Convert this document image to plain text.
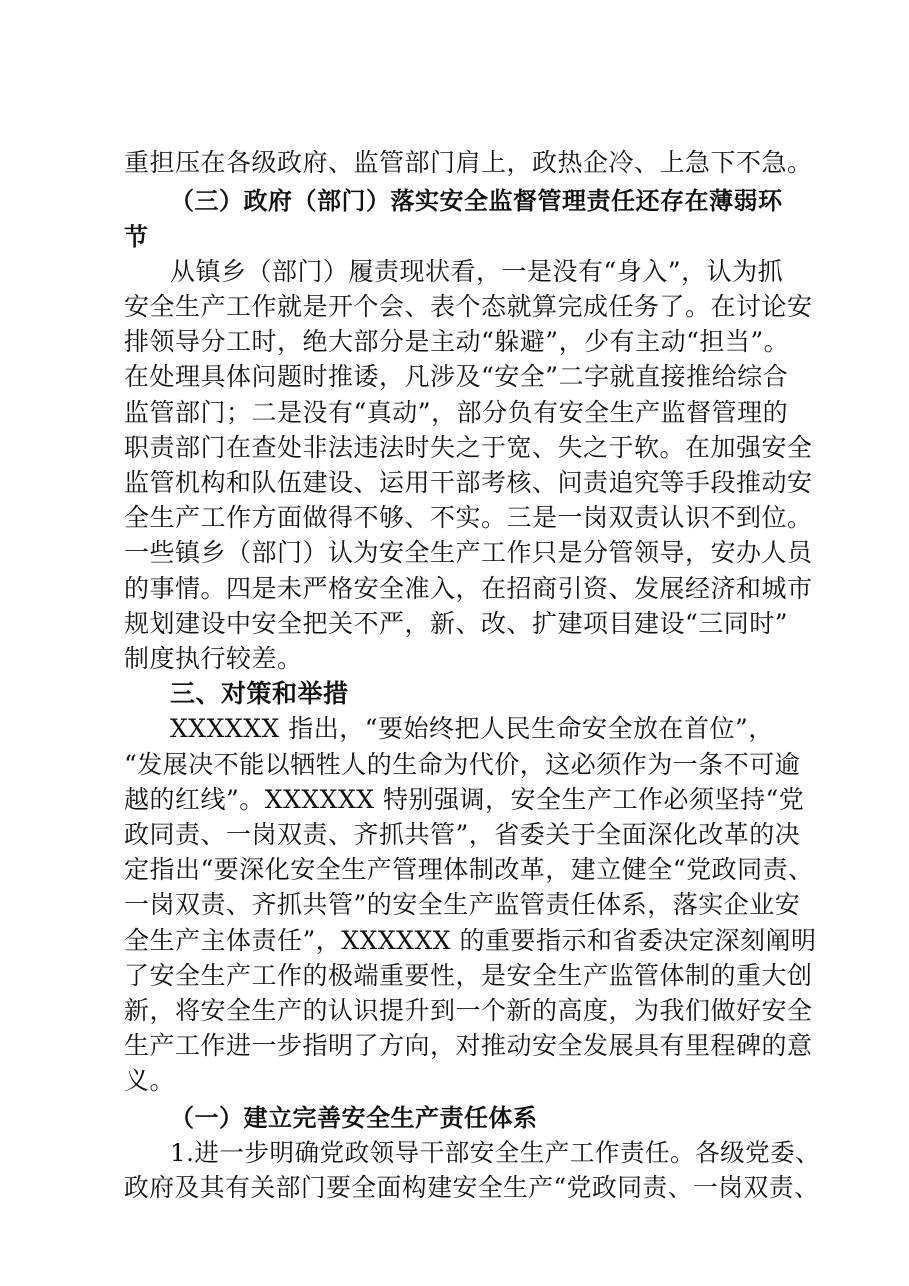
重担压在各级政府、监管部门肩上，政热企冷、上急下不急。
（三）政府（部门）落实安全监督管理责任还存在薄弱环
节
从镇乡（部门）履责现状看，一是没有“身入”，认为抓
安全生产工作就是开个会、表个态就算完成任务了。在讨论安
排领导分工时，绝大部分是主动“躲避”，少有主动“担当”。
在处理具体问题时推诿，凡涉及“安全”二字就直接推给综合
监管部门；二是没有“真动”，部分负有安全生产监督管理的
职责部门在查处非法违法时失之于宽、失之于软。在加强安全
监管机构和队伍建设、运用干部考核、问责追究等手段推动安
全生产工作方面做得不够、不实。三是一岗双责认识不到位。
一些镇乡（部门）认为安全生产工作只是分管领导，安办人员
的事情。四是未严格安全准入，在招商引资、发展经济和城市
规划建设中安全把关不严，新、改、扩建项目建设“三同时”
制度执行较差。
三、对策和举措
XXXXXX 指出，“要始终把人民生命安全放在首位”，
“发展决不能以牺牲人的生命为代价，这必须作为一条不可逾
越的红线”。XXXXXX 特别强调，安全生产工作必须坚持“党
政同责、一岗双责、齐抓共管”，省委关于全面深化改革的决
定指出“要深化安全生产管理体制改革，建立健全“党政同责、
一岗双责、齐抓共管”的安全生产监管责任体系，落实企业安
全生产主体责任”，XXXXXX 的重要指示和省委决定深刻阐明
了安全生产工作的极端重要性，是安全生产监管体制的重大创
新，将安全生产的认识提升到一个新的高度，为我们做好安全
生产工作进一步指明了方向，对推动安全发展具有里程碑的意
义。
（一）建立完善安全生产责任体系
1.进一步明确党政领导干部安全生产工作责任。各级党委、
政府及其有关部门要全面构建安全生产“党政同责、一岗双责、
